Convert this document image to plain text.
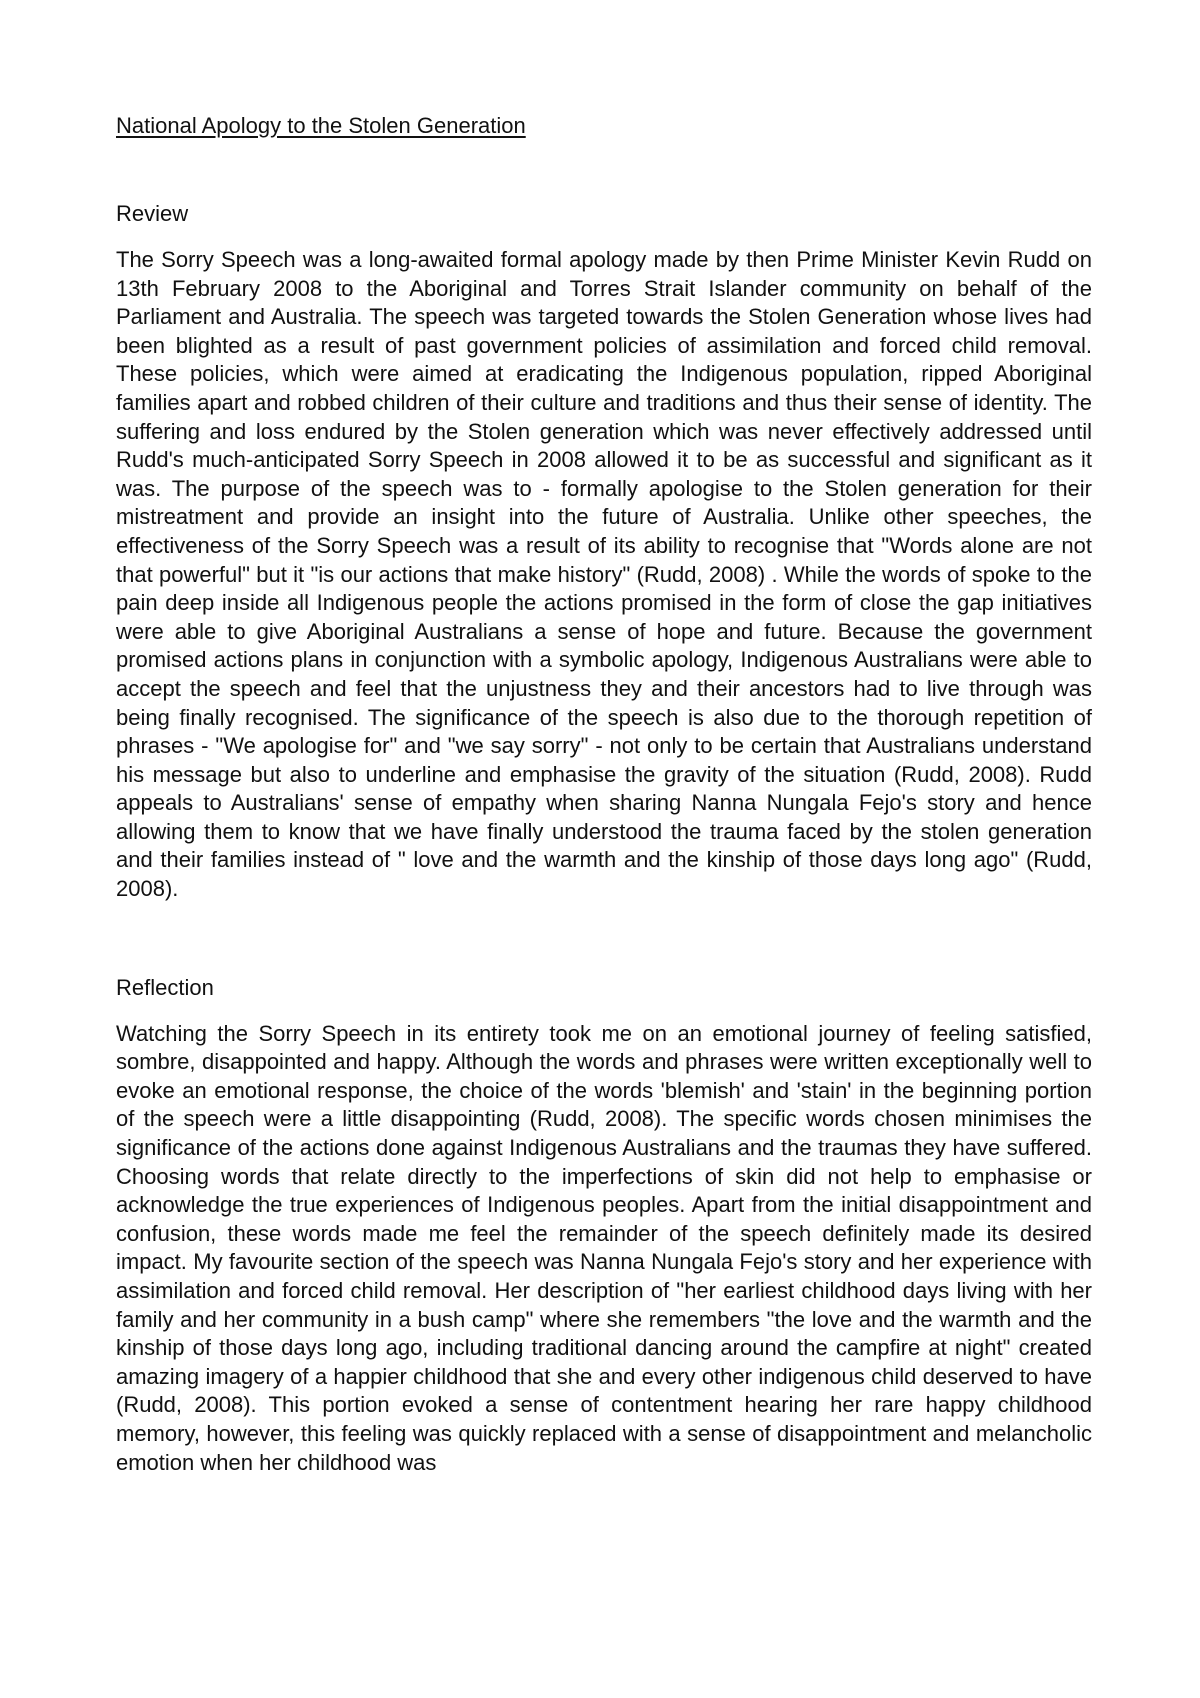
National Apology to the Stolen Generation
Review

The Sorry Speech was a long-awaited formal apology made by then Prime Minister Kevin Rudd on 13th February 2008 to the Aboriginal and Torres Strait Islander community on behalf of the Parliament and Australia. The speech was targeted towards the Stolen Generation whose lives had been blighted as a result of past government policies of assimilation and forced child removal. These policies, which were aimed at eradicating the Indigenous population, ripped Aboriginal families apart and robbed children of their culture and traditions and thus their sense of identity. The suffering and loss endured by the Stolen generation which was never effectively addressed until Rudd's much-anticipated Sorry Speech in 2008 allowed it to be as successful and significant as it was. The purpose of the speech was to - formally apologise to the Stolen generation for their mistreatment and provide an insight into the future of Australia. Unlike other speeches, the effectiveness of the Sorry Speech was a result of its ability to recognise that "Words alone are not that powerful" but it "is our actions that make history" (Rudd, 2008) . While the words of spoke to the pain deep inside all Indigenous people the actions promised in the form of close the gap initiatives were able to give Aboriginal Australians a sense of hope and future. Because the government promised actions plans in conjunction with a symbolic apology, Indigenous Australians were able to accept the speech and feel that the unjustness they and their ancestors had to live through was being finally recognised. The significance of the speech is also due to the thorough repetition of phrases - "We apologise for" and "we say sorry" - not only to be certain that Australians understand his message but also to underline and emphasise the gravity of the situation (Rudd, 2008). Rudd appeals to Australians' sense of empathy when sharing Nanna Nungala Fejo's story and hence allowing them to know that we have finally understood the trauma faced by the stolen generation and their families instead of " love and the warmth and the kinship of those days long ago" (Rudd, 2008).

Reflection

Watching the Sorry Speech in its entirety took me on an emotional journey of feeling satisfied, sombre, disappointed and happy. Although the words and phrases were written exceptionally well to evoke an emotional response, the choice of the words 'blemish' and 'stain' in the beginning portion of the speech were a little disappointing (Rudd, 2008). The specific words chosen minimises the significance of the actions done against Indigenous Australians and the traumas they have suffered. Choosing words that relate directly to the imperfections of skin did not help to emphasise or acknowledge the true experiences of Indigenous peoples. Apart from the initial disappointment and confusion, these words made me feel the remainder of the speech definitely made its desired impact. My favourite section of the speech was Nanna Nungala Fejo's story and her experience with assimilation and forced child removal. Her description of "her earliest childhood days living with her family and her community in a bush camp" where she remembers "the love and the warmth and the kinship of those days long ago, including traditional dancing around the campfire at night" created amazing imagery of a happier childhood that she and every other indigenous child deserved to have (Rudd, 2008). This portion evoked a sense of contentment hearing her rare happy childhood memory, however, this feeling was quickly replaced with a sense of disappointment and melancholic emotion when her childhood was
